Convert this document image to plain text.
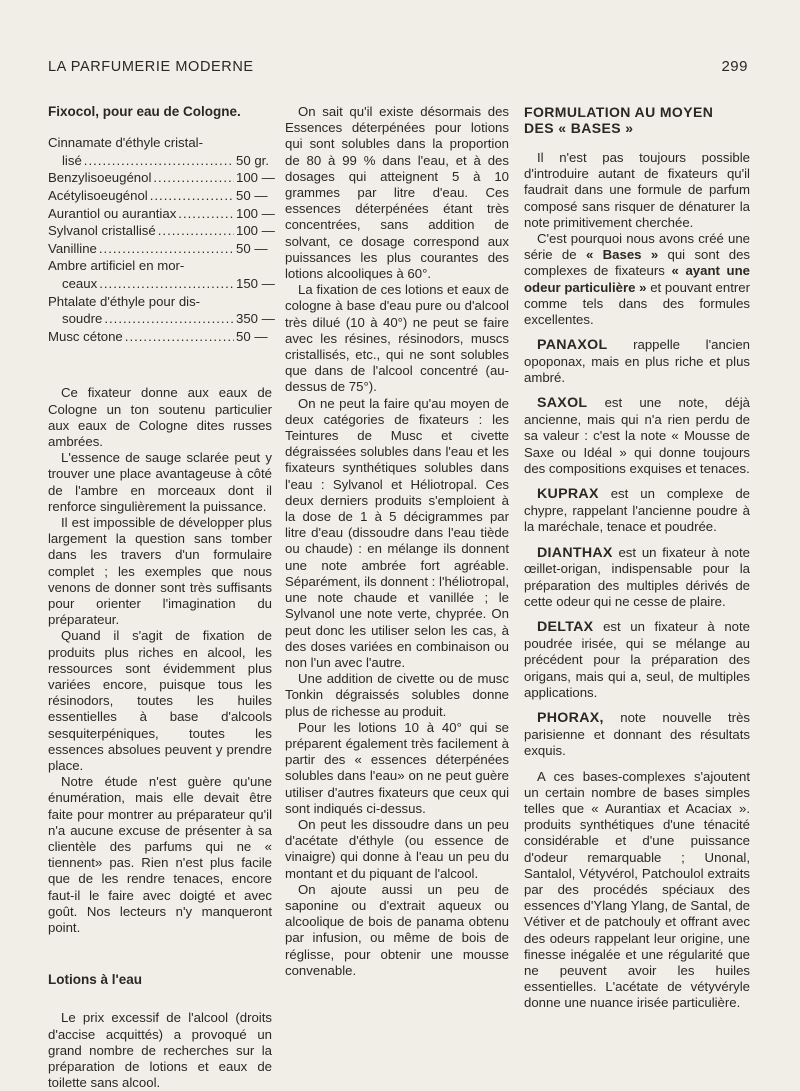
LA PARFUMERIE MODERNE	299

Fixocol, pour eau de Cologne.

Cinnamate d'éthyle cristal-
lisé .....	50 gr.
Benzylisoeugénol .....	100 —
Acétylisoeugénol .....	50 —
Aurantiol ou aurantiax .....	100 —
Sylvanol cristallisé .....	100 —
Vanilline .....	50 —
Ambre artificiel en mor-
ceaux .....	150 —
Phtalate d'éthyle pour dis-
soudre .....	350 —
Musc cétone .....	50 —

Ce fixateur donne aux eaux de Cologne un ton soutenu particulier aux eaux de Cologne dites russes ambrées.

L'essence de sauge sclarée peut y trouver une place avantageuse à côté de l'ambre en morceaux dont il renforce singulièrement la puissance.

Il est impossible de développer plus largement la question sans tomber dans les travers d'un formulaire complet ; les exemples que nous venons de donner sont très suffisants pour orienter l'imagination du préparateur.

Quand il s'agit de fixation de produits plus riches en alcool, les ressources sont évidemment plus variées encore, puisque tous les résinodors, toutes les huiles essentielles à base d'alcools sesquiterpéniques, toutes les essences absolues peuvent y prendre place.

Notre étude n'est guère qu'une énumération, mais elle devait être faite pour montrer au préparateur qu'il n'a aucune excuse de présenter à sa clientèle des parfums qui ne « tiennent» pas. Rien n'est plus facile que de les rendre tenaces, encore faut-il le faire avec doigté et avec goût. Nos lecteurs n'y manqueront point.

Lotions à l'eau

Le prix excessif de l'alcool (droits d'accise acquittés) a provoqué un grand nombre de recherches sur la préparation de lotions et eaux de toilette sans alcool.

On sait qu'il existe désormais des Essences déterpénées pour lotions qui sont solubles dans la proportion de 80 à 99 % dans l'eau, et à des dosages qui atteignent 5 à 10 grammes par litre d'eau. Ces essences déterpénées étant très concentrées, sans addition de solvant, ce dosage correspond aux puissances les plus courantes des lotions alcooliques à 60°.

La fixation de ces lotions et eaux de cologne à base d'eau pure ou d'alcool très dilué (10 à 40°) ne peut se faire avec les résines, résinodors, muscs cristallisés, etc., qui ne sont solubles que dans de l'alcool concentré (au-dessus de 75°).

On ne peut la faire qu'au moyen de deux catégories de fixateurs : les Teintures de Musc et civette dégraissées solubles dans l'eau et les fixateurs synthétiques solubles dans l'eau : Sylvanol et Héliotropal. Ces deux derniers produits s'emploient à la dose de 1 à 5 décigrammes par litre d'eau (dissoudre dans l'eau tiède ou chaude) : en mélange ils donnent une note ambrée fort agréable. Séparément, ils donnent : l'héliotropal, une note chaude et vanillée ; le Sylvanol une note verte, chyprée. On peut donc les utiliser selon les cas, à des doses variées en combinaison ou non l'un avec l'autre.

Une addition de civette ou de musc Tonkin dégraissés solubles donne plus de richesse au produit.

Pour les lotions 10 à 40° qui se préparent également très facilement à partir des « essences déterpénées solubles dans l'eau» on ne peut guère utiliser d'autres fixateurs que ceux qui sont indiqués ci-dessus.

On peut les dissoudre dans un peu d'acétate d'éthyle (ou essence de vinaigre) qui donne à l'eau un peu du montant et du piquant de l'alcool.

On ajoute aussi un peu de saponine ou d'extrait aqueux ou alcoolique de bois de panama obtenu par infusion, ou même de bois de réglisse, pour obtenir une mousse convenable.

FORMULATION AU MOYEN

DES « BASES »

Il n'est pas toujours possible d'introduire autant de fixateurs qu'il faudrait dans une formule de parfum composé sans risquer de dénaturer la note primitivement cherchée.

C'est pourquoi nous avons créé une série de « Bases » qui sont des complexes de fixateurs « ayant une odeur particulière » et pouvant entrer comme tels dans des formules excellentes.

PANAXOL rappelle l'ancien opoponax, mais en plus riche et plus ambré.

SAXOL est une note, déjà ancienne, mais qui n'a rien perdu de sa valeur : c'est la note « Mousse de Saxe ou Idéal » qui donne toujours des compositions exquises et tenaces.

KUPRAX est un complexe de chypre, rappelant l'ancienne poudre à la maréchale, tenace et poudrée.

DIANTHAX est un fixateur à note œillet-origan, indispensable pour la préparation des multiples dérivés de cette odeur qui ne cesse de plaire.

DELTAX est un fixateur à note poudrée irisée, qui se mélange au précédent pour la préparation des origans, mais qui a, seul, de multiples applications.

PHORAX, note nouvelle très parisienne et donnant des résultats exquis.

A ces bases-complexes s'ajoutent un certain nombre de bases simples telles que « Aurantiax et Acaciax ». produits synthétiques d'une ténacité considérable et d'une puissance d'odeur remarquable ; Unonal, Santalol, Vétyvérol, Patchoulol extraits par des procédés spéciaux des essences d'Ylang Ylang, de Santal, de Vétiver et de patchouly et offrant avec des odeurs rappelant leur origine, une finesse inégalée et une régularité que ne peuvent avoir les huiles essentielles. L'acétate de vétyvéryle donne une nuance irisée particulière.
